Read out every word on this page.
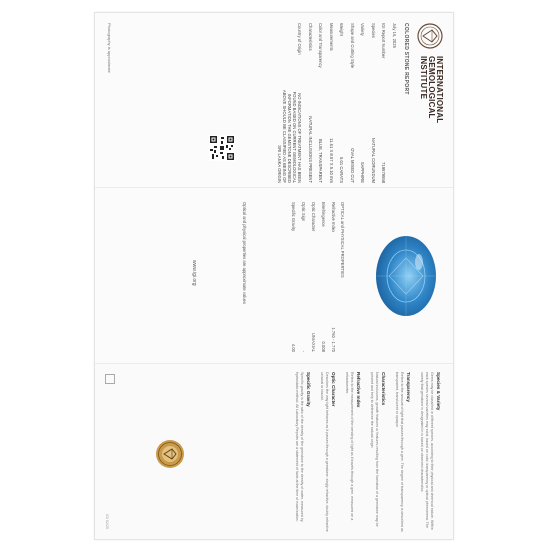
INTERNATIONAL
GEMOLOGICAL
INSTITUTE
COLORED STONE REPORT
July 16, 2025
IGI Report Number
719579558
Species
NATURAL CORUNDUM
Variety
SAPPHIRE
Shape and Cutting Style
OVAL MIXED CUT
Weight
5.01 CARATS
Measurements
11.61 X 8.57 X 5.10 mm
Color and Transparency
BLUE, TRANSPARENT
Characteristics
NATURAL INCLUSIONS PRESENT
Country of Origin
NO INDICATIONS OF TREATMENT HAS BEEN FOUND BASED ON CURRENT GEMOLOGICAL INFORMATION THE GEMSTONE DESCRIBED ABOVE SHOULD BE CLASSIFIED AS BEING OF SRI LANKA ORIGIN
Photography is approximate
OPTICAL and PHYSICAL PROPERTIES
Refractive Index
1.760 - 1.770
Birefringence
0.008
Optic Character
UNIAXIAL
Optic Sign
-
Specific Gravity
4.00
Optical and physical properties are approximate values
www.igi.org
Species & Variety
Gems may be classified in different species, according to their physical and chemical nature. Within each species several varieties may exist, based on color, transparency or optical phenomena. The variety that gemstone is designated in is based on observed characteristics.
Transparency
Refers to the amount of light that passes through a gem. The degree of transparency is described as transparent, translucent or opaque.
Characteristics
Natural inclusions, growth features or features resulting from the formation of a gemstone may be present and help to determine the natural origin.
Refractive Index
Refers to the measurement of the bending of light as it travels through a gem, measured on a refractometer.
Optic Character
Describes the way light behaves as it passes through a gemstone: singly refractive, doubly refractive uniaxial or biaxial.
Specific Gravity
Specific gravity is the ratio of the density of the gemstone to the density of water, measured by hydrostatic method. All Laboratory Reports are a statement of facts at the time of examination.
IGI 02/25
